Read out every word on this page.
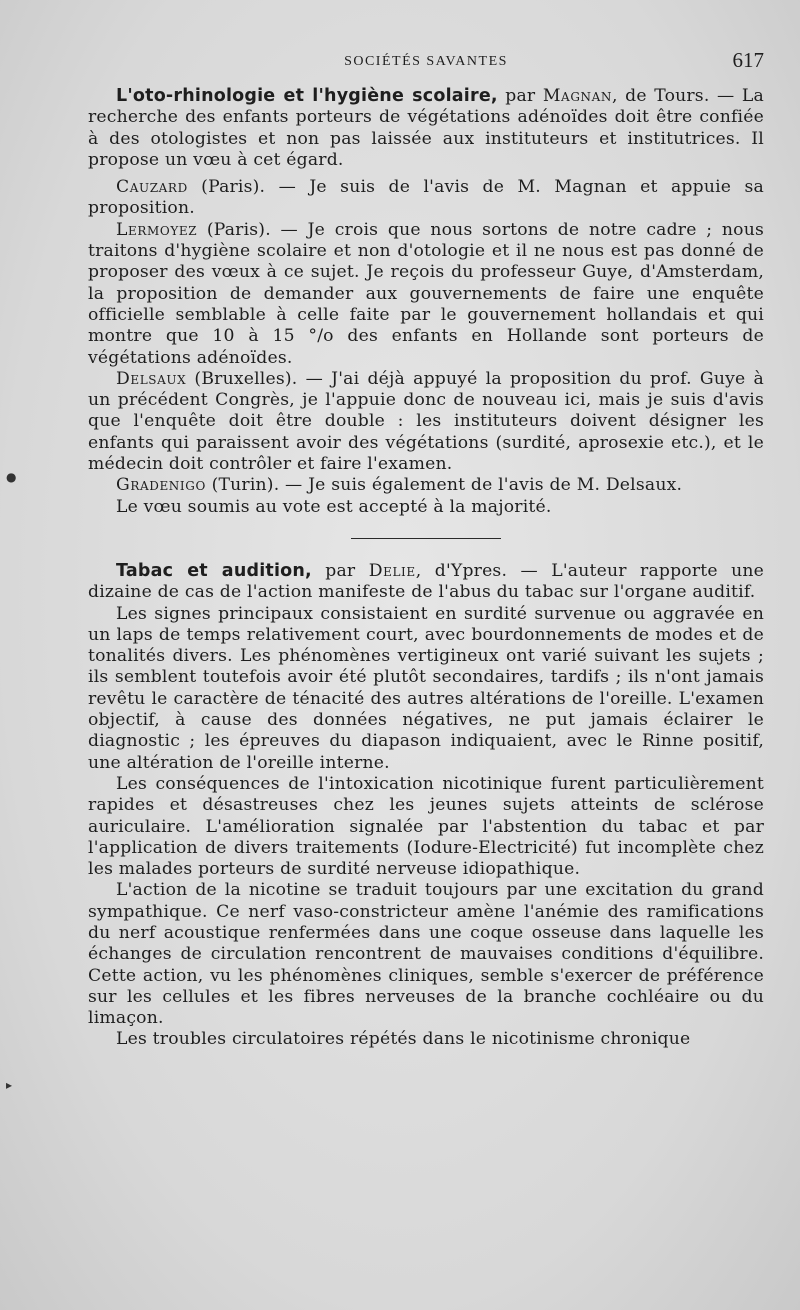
●
▸
SOCIÉTÉS SAVANTES	617

L'oto-rhinologie et l'hygiène scolaire, par Magnan, de Tours. — La recherche des enfants porteurs de végétations adénoïdes doit être confiée à des otologistes et non pas laissée aux instituteurs et institutrices. Il propose un vœu à cet égard.

Cauzard (Paris). — Je suis de l'avis de M. Magnan et appuie sa proposition.

Lermoyez (Paris). — Je crois que nous sortons de notre cadre ; nous traitons d'hygiène scolaire et non d'otologie et il ne nous est pas donné de proposer des vœux à ce sujet. Je reçois du professeur Guye, d'Amsterdam, la proposition de demander aux gouvernements de faire une enquête officielle semblable à celle faite par le gouvernement hollandais et qui montre que 10 à 15 °/o des enfants en Hollande sont porteurs de végétations adénoïdes.

Delsaux (Bruxelles). — J'ai déjà appuyé la proposition du prof. Guye à un précédent Congrès, je l'appuie donc de nouveau ici, mais je suis d'avis que l'enquête doit être double : les instituteurs doivent désigner les enfants qui paraissent avoir des végétations (surdité, aprosexie etc.), et le médecin doit contrôler et faire l'examen.

Gradenigo (Turin). — Je suis également de l'avis de M. Delsaux.

Le vœu soumis au vote est accepté à la majorité.

Tabac et audition, par Delie, d'Ypres. — L'auteur rapporte une dizaine de cas de l'action manifeste de l'abus du tabac sur l'organe auditif.

Les signes principaux consistaient en surdité survenue ou aggravée en un laps de temps relativement court, avec bourdonnements de modes et de tonalités divers. Les phénomènes vertigineux ont varié suivant les sujets ; ils semblent toutefois avoir été plutôt secondaires, tardifs ; ils n'ont jamais revêtu le caractère de ténacité des autres altérations de l'oreille. L'examen objectif, à cause des données négatives, ne put jamais éclairer le diagnostic ; les épreuves du diapason indiquaient, avec le Rinne positif, une altération de l'oreille interne.

Les conséquences de l'intoxication nicotinique furent particulièrement rapides et désastreuses chez les jeunes sujets atteints de sclérose auriculaire. L'amélioration signalée par l'abstention du tabac et par l'application de divers traitements (Iodure-Electricité) fut incomplète chez les malades porteurs de surdité nerveuse idiopathique.

L'action de la nicotine se traduit toujours par une excitation du grand sympathique. Ce nerf vaso-constricteur amène l'anémie des ramifications du nerf acoustique renfermées dans une coque osseuse dans laquelle les échanges de circulation rencontrent de mauvaises conditions d'équilibre. Cette action, vu les phénomènes cliniques, semble s'exercer de préférence sur les cellules et les fibres nerveuses de la branche cochléaire ou du limaçon.

Les troubles circulatoires répétés dans le nicotinisme chronique
